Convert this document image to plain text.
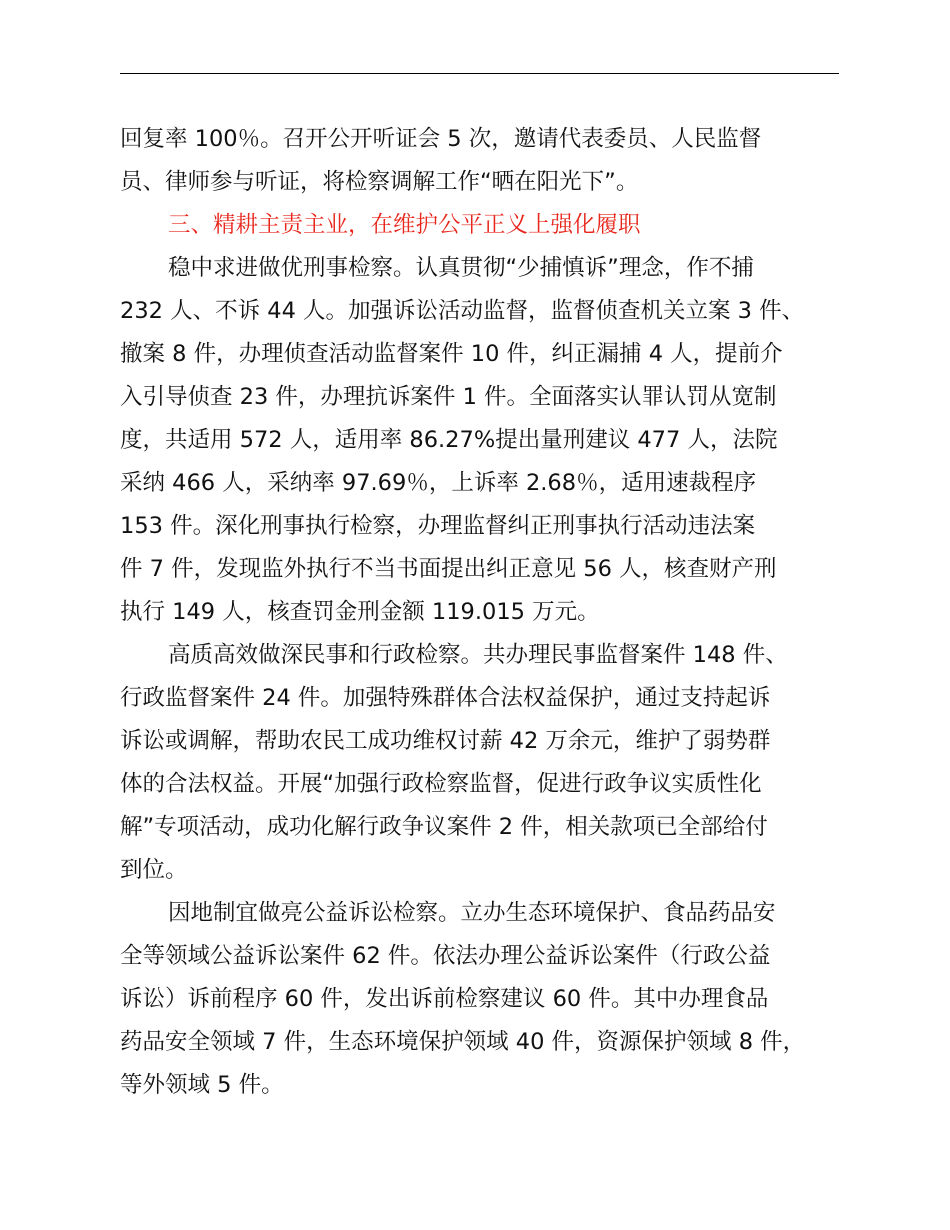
回复率 100％。召开公开听证会 5 次，邀请代表委员、人民监督
员、律师参与听证，将检察调解工作“晒在阳光下”。
三、精耕主责主业，在维护公平正义上强化履职
稳中求进做优刑事检察。认真贯彻“少捕慎诉”理念，作不捕
232 人、不诉 44 人。加强诉讼活动监督，监督侦查机关立案 3 件、
撤案 8 件，办理侦查活动监督案件 10 件，纠正漏捕 4 人，提前介
入引导侦查 23 件，办理抗诉案件 1 件。全面落实认罪认罚从宽制
度，共适用 572 人，适用率 86.27%提出量刑建议 477 人，法院
采纳 466 人，采纳率 97.69％，上诉率 2.68％，适用速裁程序
153 件。深化刑事执行检察，办理监督纠正刑事执行活动违法案
件 7 件，发现监外执行不当书面提出纠正意见 56 人，核查财产刑
执行 149 人，核查罚金刑金额 119.015 万元。
高质高效做深民事和行政检察。共办理民事监督案件 148 件、
行政监督案件 24 件。加强特殊群体合法权益保护，通过支持起诉
诉讼或调解，帮助农民工成功维权讨薪 42 万余元，维护了弱势群
体的合法权益。开展“加强行政检察监督，促进行政争议实质性化
解”专项活动，成功化解行政争议案件 2 件，相关款项已全部给付
到位。
因地制宜做亮公益诉讼检察。立办生态环境保护、食品药品安
全等领域公益诉讼案件 62 件。依法办理公益诉讼案件（行政公益
诉讼）诉前程序 60 件，发出诉前检察建议 60 件。其中办理食品
药品安全领域 7 件，生态环境保护领域 40 件，资源保护领域 8 件，
等外领域 5 件。
